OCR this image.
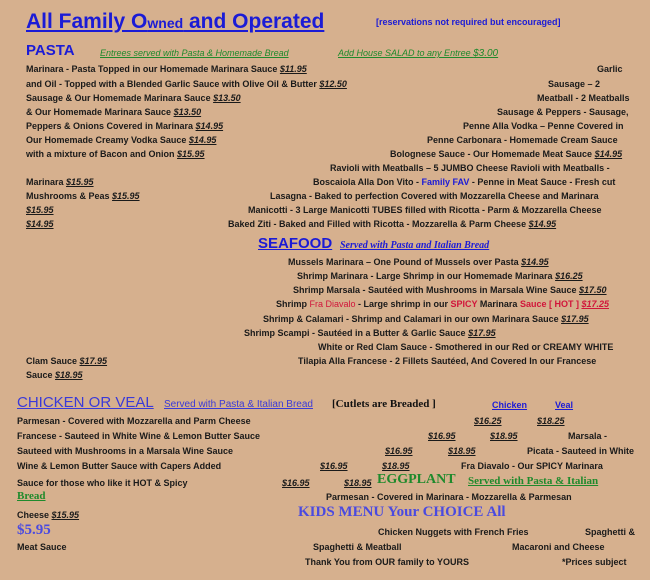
All Family Owned and Operated	[reservations not required but encouraged]
PASTA	Entrees served with Pasta & Homemade Bread	Add House SALAD to any Entree $3.00
Marinara - Pasta Topped in our Homemade Marinara Sauce $11.95	Garlic
and Oil - Topped with a Blended Garlic Sauce with Olive Oil & Butter $12.50	Sausage – 2
Sausage & Our Homemade Marinara Sauce $13.50	Meatball - 2 Meatballs
& Our Homemade Marinara Sauce $13.50	Sausage & Peppers - Sausage,
Peppers & Onions Covered in Marinara $14.95	Penne Alla Vodka – Penne Covered in
Our Homemade Creamy Vodka Sauce $14.95	Penne Carbonara - Homemade Cream Sauce
with a mixture of Bacon and Onion $15.95	Bolognese Sauce - Our Homemade Meat Sauce $14.95
Ravioli with Meatballs – 5 JUMBO Cheese Ravioli with Meatballs -
Marinara $15.95	Boscaiola Alla Don Vito - Family FAV - Penne in Meat Sauce - Fresh cut
Mushrooms & Peas $15.95	Lasagna - Baked to perfection Covered with Mozzarella Cheese and Marinara
$15.95	Manicotti - 3 Large Manicotti TUBES filled with Ricotta - Parm & Mozzarella Cheese
$14.95	Baked Ziti - Baked and Filled with Ricotta - Mozzarella & Parm Cheese $14.95
SEAFOOD Served with Pasta and Italian Bread
Mussels Marinara – One Pound of Mussels over Pasta $14.95
Shrimp Marinara - Large Shrimp in our Homemade Marinara $16.25
Shrimp Marsala - Sautéed with Mushrooms in Marsala Wine Sauce $17.50
Shrimp Fra Diavalo - Large shrimp in our SPICY Marinara Sauce [ HOT ] $17.25
Shrimp & Calamari - Shrimp and Calamari in our own Marinara Sauce $17.95
Shrimp Scampi - Sautéed in a Butter & Garlic Sauce $17.95
White or Red Clam Sauce - Smothered in our Red or CREAMY WHITE
Clam Sauce $17.95	Tilapia Alla Francese - 2 Fillets Sautéed, And Covered In our Francese
Sauce $18.95
CHICKEN OR VEAL Served with Pasta & Italian Bread [Cutlets are Breaded ]	Chicken	Veal
Parmesan - Covered with Mozzarella and Parm Cheese	$16.25	$18.25
Francese - Sauteed in White Wine & Lemon Butter Sauce	$16.95	$18.95	Marsala -
Sauteed with Mushrooms in a Marsala Wine Sauce	$16.95	$18.95	Picata - Sauteed in White
Wine & Lemon Butter Sauce with Capers Added	$16.95	$18.95	Fra Diavalo - Our SPICY Marinara
Sauce for those who like it HOT & Spicy	$16.95	$18.95 EGGPLANT Served with Pasta & Italian
Bread	Parmesan - Covered in Marinara - Mozzarella & Parmesan
Cheese $15.95	KIDS MENU Your CHOICE All
$5.95	Chicken Nuggets with French Fries	Spaghetti &
Meat Sauce	Spaghetti & Meatball	Macaroni and Cheese
Thank You from OUR family to YOURS	*Prices subject
